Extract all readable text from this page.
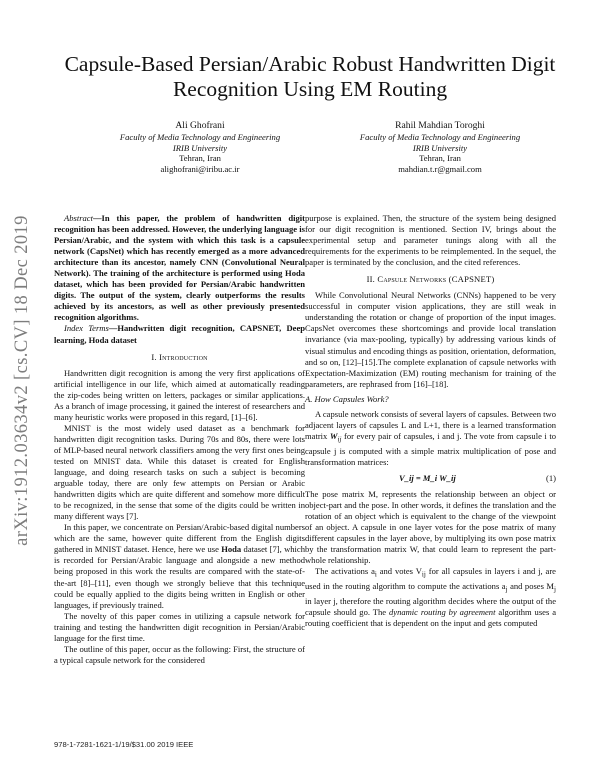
arXiv:1912.03634v2 [cs.CV] 18 Dec 2019
Capsule-Based Persian/Arabic Robust Handwritten Digit Recognition Using EM Routing
Ali Ghofrani
Faculty of Media Technology and Engineering
IRIB University
Tehran, Iran
alighofrani@iribu.ac.ir
Rahil Mahdian Toroghi
Faculty of Media Technology and Engineering
IRIB University
Tehran, Iran
mahdian.t.r@gmail.com

Abstract—In this paper, the problem of handwritten digit recognition has been addressed. However, the underlying language is Persian/Arabic, and the system with which this task is a capsule network (CapsNet) which has recently emerged as a more advanced architecture than its ancestor, namely CNN (Convolutional Neural Network). The training of the architecture is performed using Hoda dataset, which has been provided for Persian/Arabic handwritten digits. The output of the system, clearly outperforms the results achieved by its ancestors, as well as other previously presented recognition algorithms.

Index Terms—Handwritten digit recognition, CAPSNET, Deep learning, Hoda dataset

I. Introduction

Handwritten digit recognition is among the very first applications of artificial intelligence in our life, which aimed at automatically reading the zip-codes being written on letters, packages or similar applications. As a branch of image processing, it gained the interest of researchers and many heuristic works were proposed in this regard, [1]–[6].

MNIST is the most widely used dataset as a benchmark for handwritten digit recognition tasks. During 70s and 80s, there were lots of MLP-based neural network classifiers among the very first ones being tested on MNIST data. While this dataset is created for English language, and doing research tasks on such a subject is becoming arguable today, there are only few attempts on Persian or Arabic handwritten digits which are quite different and somehow more difficult to be recognized, in the sense that some of the digits could be written in many different ways [7].

In this paper, we concentrate on Persian/Arabic-based digital numbers which are the same, however quite different from the English digits gathered in MNIST dataset. Hence, here we use Hoda dataset [7], which is recorded for Persian/Arabic language and alongside a new method being proposed in this work the results are compared with the state-of-the-art [8]–[11], even though we strongly believe that this technique could be equally applied to the digits being written in English or other languages, if previously trained.

The novelty of this paper comes in utilizing a capsule network for training and testing the handwritten digit recognition in Persian/Arabic language for the first time.

The outline of this paper, occur as the following: First, the structure of a typical capsule network for the considered

purpose is explained. Then, the structure of the system being designed for our digit recognition is mentioned. Section IV, brings about the experimental setup and parameter tunings along with all the requirements for the experiments to be reimplemented. In the sequel, the paper is terminated by the conclusion, and the cited references.

II. Capsule Networks (CAPSNET)

While Convolutional Neural Networks (CNNs) happened to be very successful in computer vision applications, they are still weak in understanding the rotation or change of proportion of the input images. CapsNet overcomes these shortcomings and provide local translation invariance (via max-pooling, typically) by addressing various kinds of visual stimulus and encoding things as position, orientation, deformation, and so on, [12]–[15].The complete explanation of capsule networks with Expectation-Maximization (EM) routing mechanism for training of the parameters, are rephrased from [16]–[18].

A. How Capsules Work?

A capsule network consists of several layers of capsules. Between two adjacent layers of capsules L and L+1, there is a learned transformation matrix $W_{ij}$ for every pair of capsules, i and j. The vote from capsule i to capsule j is computed with a simple matrix multiplication of pose and transformation matrices:

V_ij = M_i W_ij	(1)

The pose matrix M, represents the relationship between an object or object-part and the pose. In other words, it defines the translation and the rotation of an object which is equivalent to the change of the viewpoint of an object. A capsule in one layer votes for the pose matrix of many different capsules in the layer above, by multiplying its own pose matrix by the transformation matrix W, that could learn to represent the part-whole relationship.

The activations $a_i$ and votes $V_{ij}$ for all capsules in layers i and j, are used in the routing algorithm to compute the activations $a_j$ and poses $M_j$ in layer j, therefore the routing algorithm decides where the output of the capsule should go. The dynamic routing by agreement algorithm uses a routing coefficient that is dependent on the input and gets computed

978-1-7281-1621-1/19/$31.00 2019 IEEE
